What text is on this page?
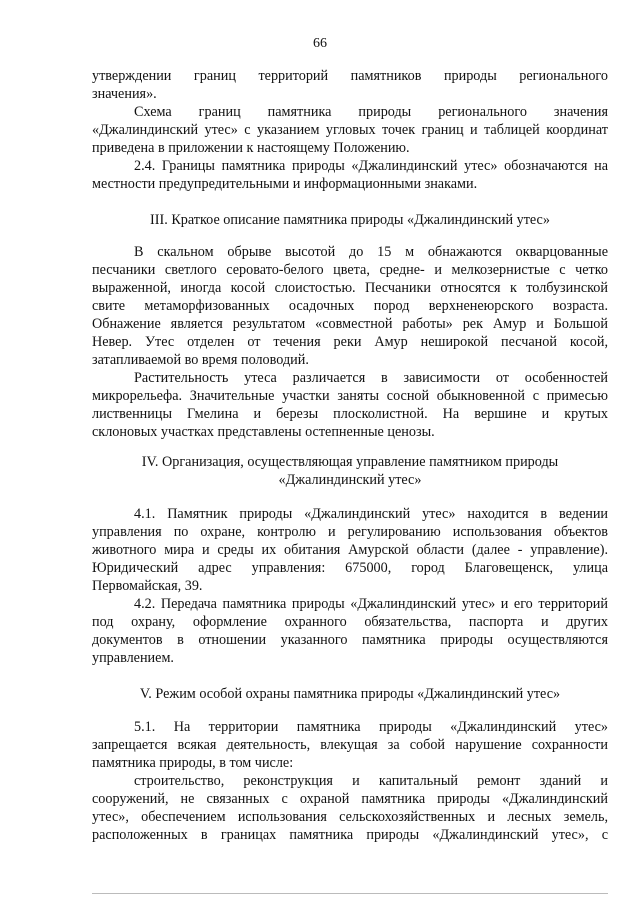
66

утверждении границ территорий памятников природы регионального

значения».

Схема границ памятника природы регионального значения

«Джалиндинский утес» с указанием угловых точек границ и таблицей координат

приведена в приложении к настоящему Положению.

2.4. Границы памятника природы «Джалиндинский утес» обозначаются на

местности предупредительными и информационными знаками.

III. Краткое описание памятника природы «Джалиндинский утес»

В скальном обрыве высотой до 15 м обнажаются окварцованные

песчаники светлого серовато-белого цвета, средне- и мелкозернистые с четко

выраженной, иногда косой слоистостью. Песчаники относятся к толбузинской

свите метаморфизованных осадочных пород верхненеюрского возраста.

Обнажение является результатом «совместной работы» рек Амур и Большой

Невер. Утес отделен от течения реки Амур неширокой песчаной косой,

затапливаемой во время половодий.

Растительность утеса различается в зависимости от особенностей

микрорельефа. Значительные участки заняты сосной обыкновенной с примесью

лиственницы Гмелина и березы плосколистной. На вершине и крутых

склоновых участках представлены остепненные ценозы.

IV. Организация, осуществляющая управление памятником природы

«Джалиндинский утес»

4.1. Памятник природы «Джалиндинский утес» находится в ведении

управления по охране, контролю и регулированию использования объектов

животного мира и среды их обитания Амурской области (далее - управление).

Юридический адрес управления: 675000, город Благовещенск, улица

Первомайская, 39.

4.2. Передача памятника природы «Джалиндинский утес» и его территорий

под охрану, оформление охранного обязательства, паспорта и других

документов в отношении указанного памятника природы осуществляются

управлением.

V. Режим особой охраны памятника природы «Джалиндинский утес»

5.1. На территории памятника природы «Джалиндинский утес»

запрещается всякая деятельность, влекущая за собой нарушение сохранности

памятника природы, в том числе:

строительство, реконструкция и капитальный ремонт зданий и

сооружений, не связанных с охраной памятника природы «Джалиндинский

утес», обеспечением использования сельскохозяйственных и лесных земель,

расположенных в границах памятника природы «Джалиндинский утес», с
